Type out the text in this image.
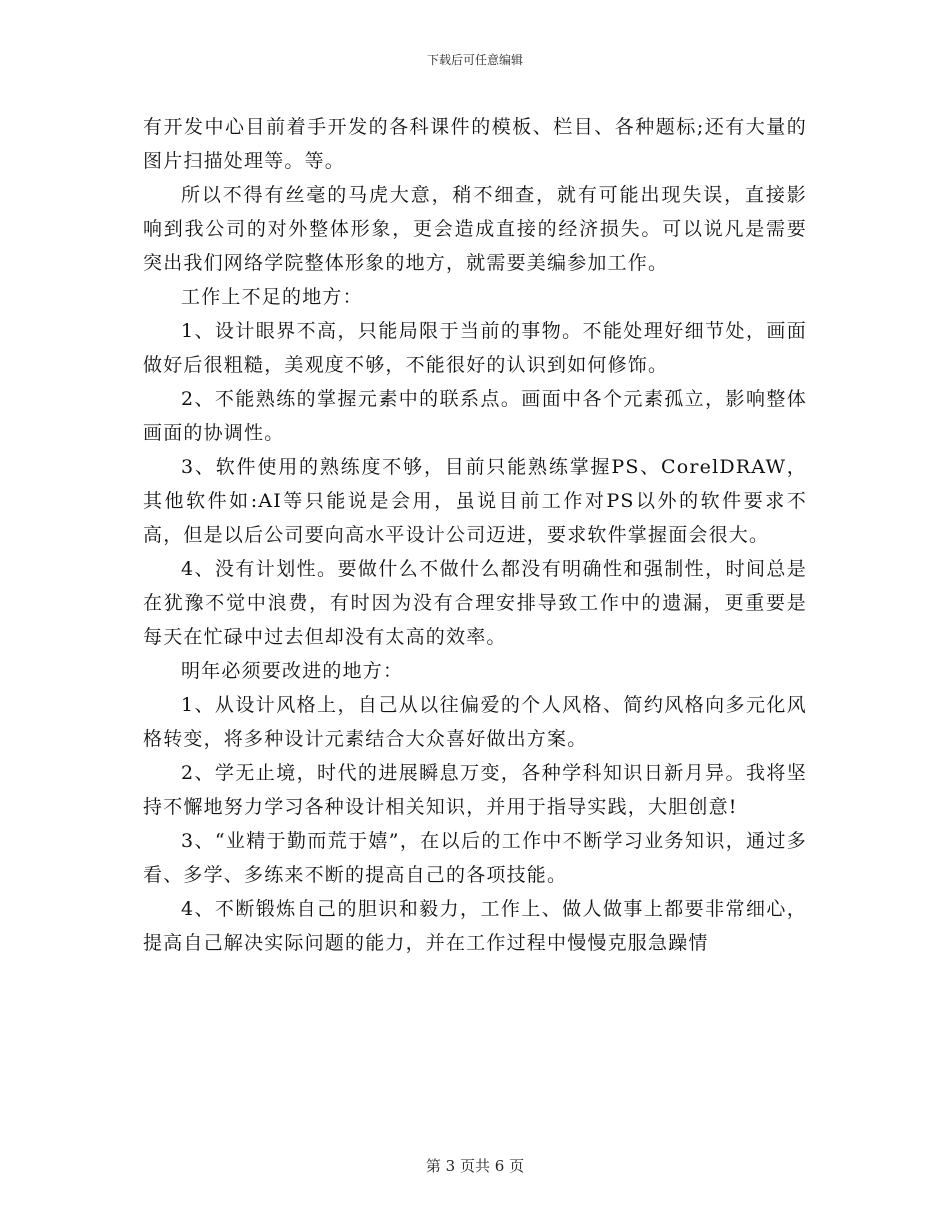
下载后可任意编辑

有开发中心目前着手开发的各科课件的模板、栏目、各种题标;还有大量的图片扫描处理等。等。

所以不得有丝毫的马虎大意，稍不细查，就有可能出现失误，直接影响到我公司的对外整体形象，更会造成直接的经济损失。可以说凡是需要突出我们网络学院整体形象的地方，就需要美编参加工作。

工作上不足的地方：

1、设计眼界不高，只能局限于当前的事物。不能处理好细节处，画面做好后很粗糙，美观度不够，不能很好的认识到如何修饰。

2、不能熟练的掌握元素中的联系点。画面中各个元素孤立，影响整体画面的协调性。

3、软件使用的熟练度不够，目前只能熟练掌握PS、CorelDRAW，其他软件如:AI等只能说是会用，虽说目前工作对PS以外的软件要求不高，但是以后公司要向高水平设计公司迈进，要求软件掌握面会很大。

4、没有计划性。要做什么不做什么都没有明确性和强制性，时间总是在犹豫不觉中浪费，有时因为没有合理安排导致工作中的遗漏，更重要是每天在忙碌中过去但却没有太高的效率。

明年必须要改进的地方：

1、从设计风格上，自己从以往偏爱的个人风格、简约风格向多元化风格转变，将多种设计元素结合大众喜好做出方案。

2、学无止境，时代的进展瞬息万变，各种学科知识日新月异。我将坚持不懈地努力学习各种设计相关知识，并用于指导实践，大胆创意!

3、“业精于勤而荒于嬉”，在以后的工作中不断学习业务知识，通过多看、多学、多练来不断的提高自己的各项技能。

4、不断锻炼自己的胆识和毅力，工作上、做人做事上都要非常细心，提高自己解决实际问题的能力，并在工作过程中慢慢克服急躁情

第 3 页共 6 页
